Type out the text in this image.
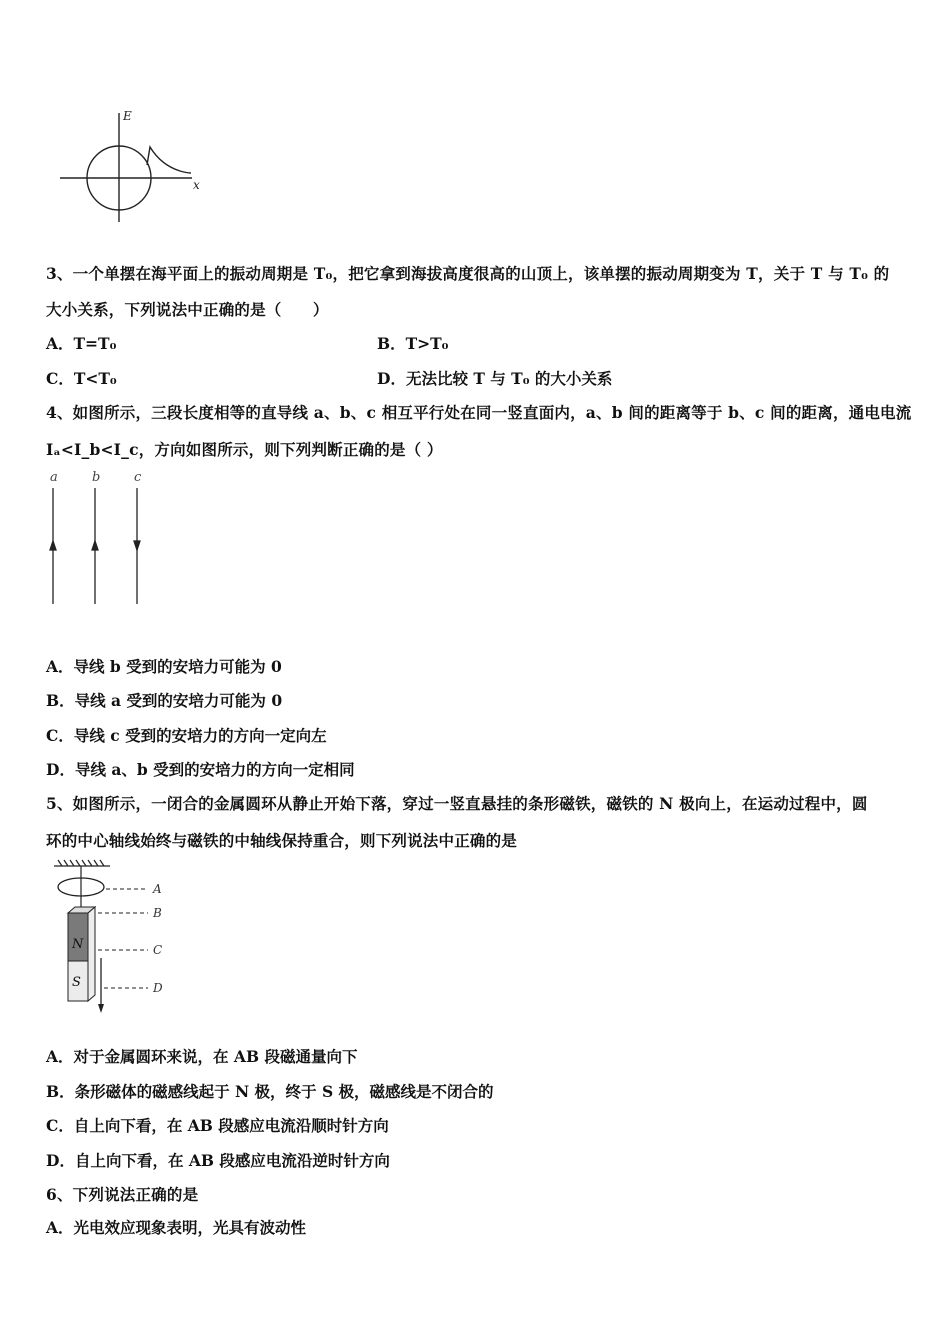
E
x
3、一个单摆在海平面上的振动周期是 T₀，把它拿到海拔高度很高的山顶上，该单摆的振动周期变为 T，关于 T 与 T₀ 的
大小关系，下列说法中正确的是（　　）
A．T=T₀	B．T>T₀
C．T<T₀	D．无法比较 T 与 T₀ 的大小关系
4、如图所示，三段长度相等的直导线 a、b、c 相互平行处在同一竖直面内，a、b 间的距离等于 b、c 间的距离，通电电流
Iₐ<I_b<I_c，方向如图所示，则下列判断正确的是（ ）
a	b	c
A．导线 b 受到的安培力可能为 0
B．导线 a 受到的安培力可能为 0
C．导线 c 受到的安培力的方向一定向左
D．导线 a、b 受到的安培力的方向一定相同
5、如图所示，一闭合的金属圆环从静止开始下落，穿过一竖直悬挂的条形磁铁，磁铁的 N 极向上，在运动过程中，圆
环的中心轴线始终与磁铁的中轴线保持重合，则下列说法中正确的是
N
S
A
B
C
D
A．对于金属圆环来说，在 AB 段磁通量向下
B．条形磁体的磁感线起于 N 极，终于 S 极，磁感线是不闭合的
C．自上向下看，在 AB 段感应电流沿顺时针方向
D．自上向下看，在 AB 段感应电流沿逆时针方向
6、下列说法正确的是
A．光电效应现象表明，光具有波动性
